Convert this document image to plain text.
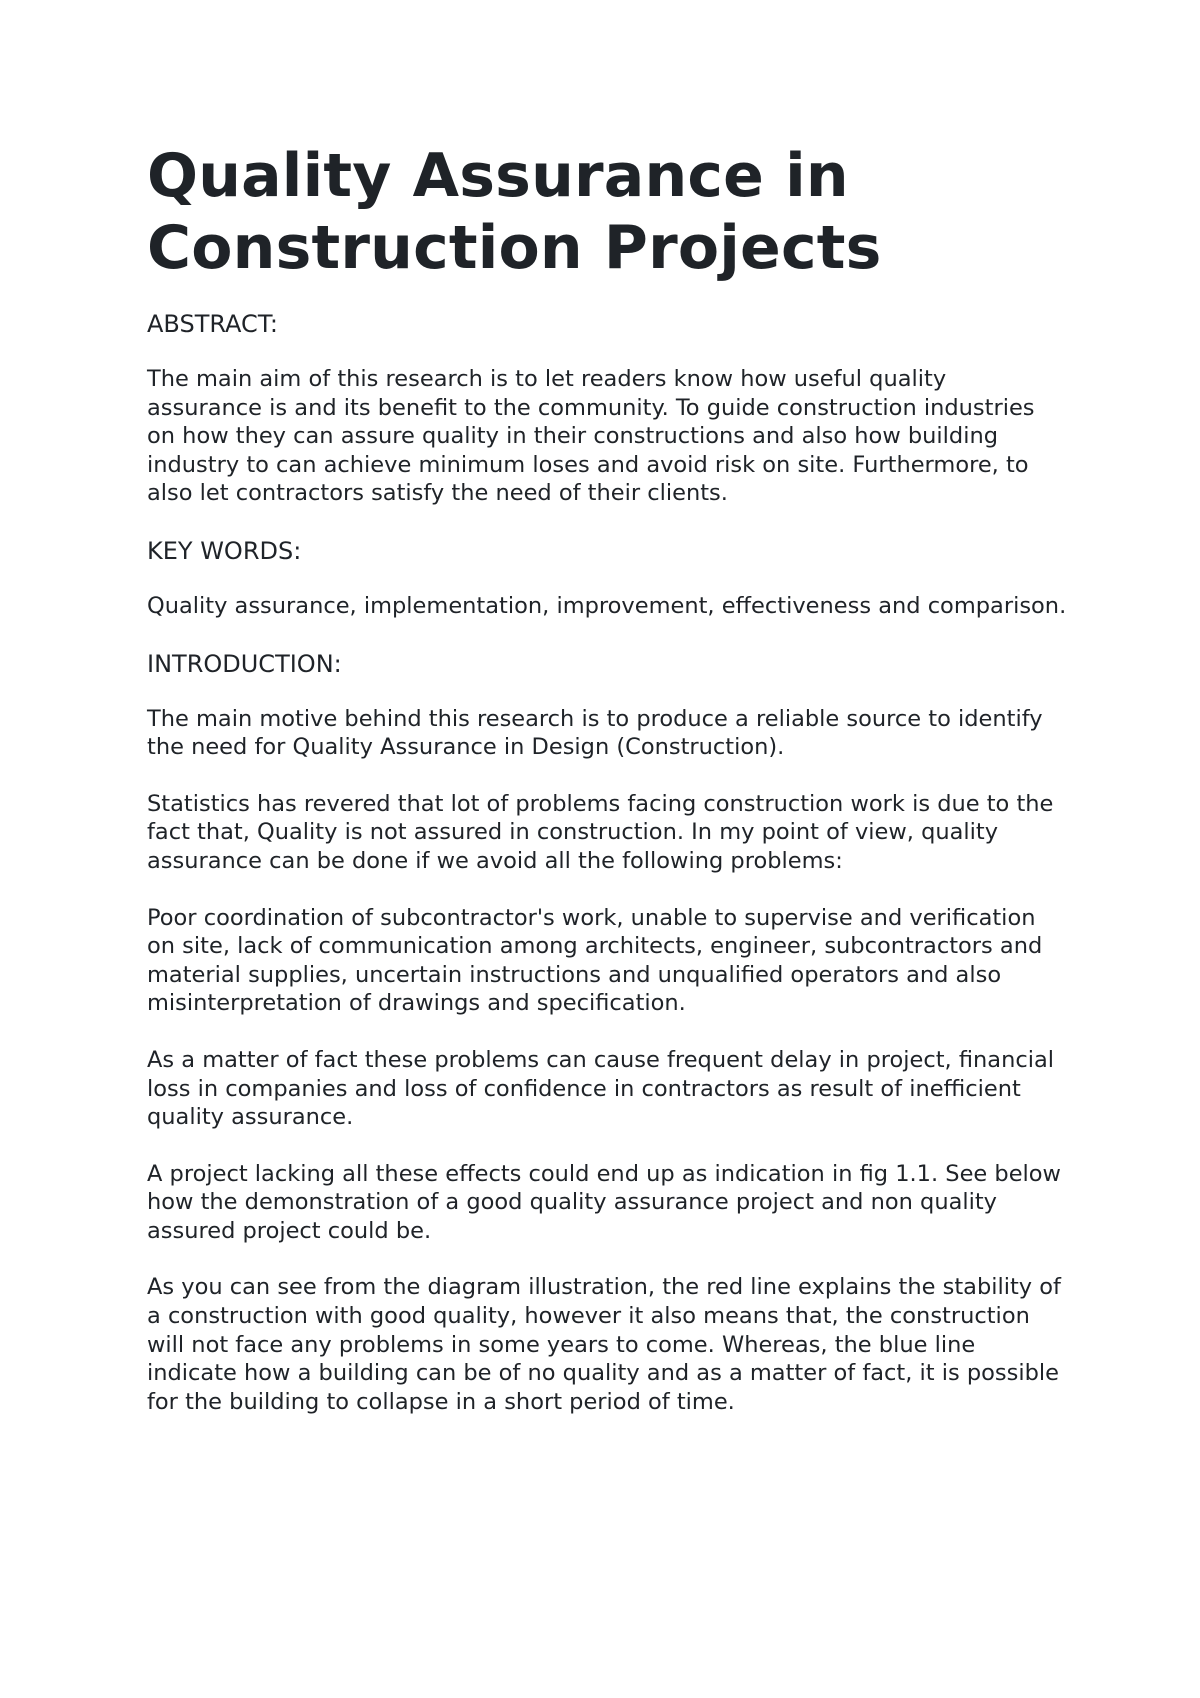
Quality Assurance in
Construction Projects

ABSTRACT:

The main aim of this research is to let readers know how useful quality assurance is and its benefit to the community. To guide construction industries on how they can assure quality in their constructions and also how building industry to can achieve minimum loses and avoid risk on site. Furthermore, to also let contractors satisfy the need of their clients.

KEY WORDS:

Quality assurance, implementation, improvement, effectiveness and comparison.

INTRODUCTION:

The main motive behind this research is to produce a reliable source to identify the need for Quality Assurance in Design (Construction).

Statistics has revered that lot of problems facing construction work is due to the fact that, Quality is not assured in construction. In my point of view, quality assurance can be done if we avoid all the following problems:

Poor coordination of subcontractor's work, unable to supervise and verification on site, lack of communication among architects, engineer, subcontractors and material supplies, uncertain instructions and unqualified operators and also misinterpretation of drawings and specification.

As a matter of fact these problems can cause frequent delay in project, financial loss in companies and loss of confidence in contractors as result of inefficient quality assurance.

A project lacking all these effects could end up as indication in fig 1.1. See below how the demonstration of a good quality assurance project and non quality assured project could be.

As you can see from the diagram illustration, the red line explains the stability of a construction with good quality, however it also means that, the construction will not face any problems in some years to come. Whereas, the blue line indicate how a building can be of no quality and as a matter of fact, it is possible for the building to collapse in a short period of time.
